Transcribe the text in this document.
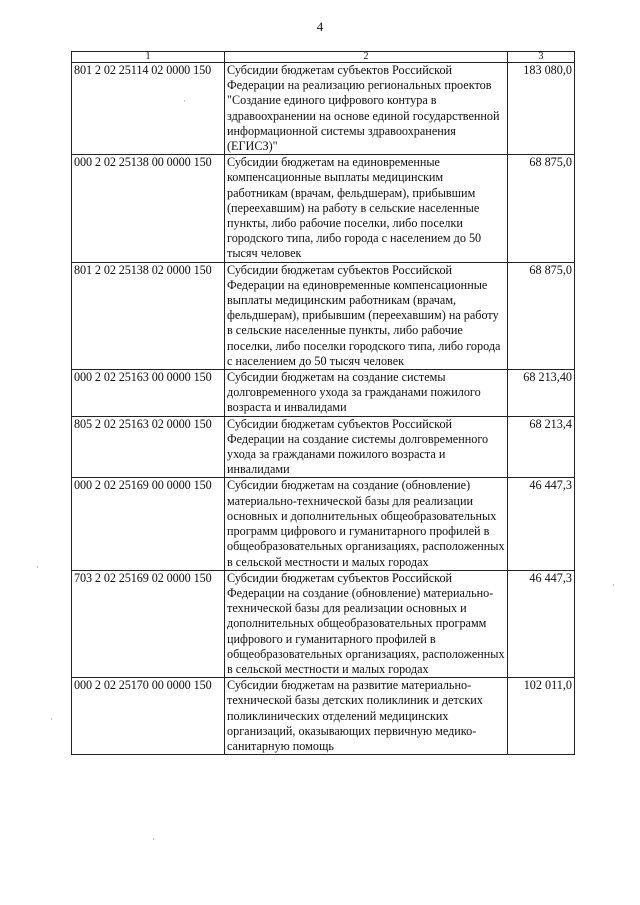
4
1	2	3
801 2 02 25114 02 0000 150	Субсидии бюджетам субъектов Российской Федерации на реализацию региональных проектов "Создание единого цифрового контура в здравоохранении на основе единой государственной информационной системы здравоохранения (ЕГИСЗ)"	183 080,0
000 2 02 25138 00 0000 150	Субсидии бюджетам на единовременные компенсационные выплаты медицинским работникам (врачам, фельдшерам), прибывшим (переехавшим) на работу в сельские населенные пункты, либо рабочие поселки, либо поселки городского типа, либо города с населением до 50 тысяч человек	68 875,0
801 2 02 25138 02 0000 150	Субсидии бюджетам субъектов Российской Федерации на единовременные компенсационные выплаты медицинским работникам (врачам, фельдшерам), прибывшим (переехавшим) на работу в сельские населенные пункты, либо рабочие поселки, либо поселки городского типа, либо города с населением до 50 тысяч человек	68 875,0
000 2 02 25163 00 0000 150	Субсидии бюджетам на создание системы долговременного ухода за гражданами пожилого возраста и инвалидами	68 213,40
805 2 02 25163 02 0000 150	Субсидии бюджетам субъектов Российской Федерации на создание системы долговременного ухода за гражданами пожилого возраста и инвалидами	68 213,4
000 2 02 25169 00 0000 150	Субсидии бюджетам на создание (обновление) материально-технической базы для реализации основных и дополнительных общеобразовательных программ цифрового и гуманитарного профилей в общеобразовательных организациях, расположенных в сельской местности и малых городах	46 447,3
703 2 02 25169 02 0000 150	Субсидии бюджетам субъектов Российской Федерации на создание (обновление) материально-технической базы для реализации основных и дополнительных общеобразовательных программ цифрового и гуманитарного профилей в общеобразовательных организациях, расположенных в сельской местности и малых городах	46 447,3
000 2 02 25170 00 0000 150	Субсидии бюджетам на развитие материально-технической базы детских поликлиник и детских поликлинических отделений медицинских организаций, оказывающих первичную медико-санитарную помощь	102 011,0
·
·
·
·
·
